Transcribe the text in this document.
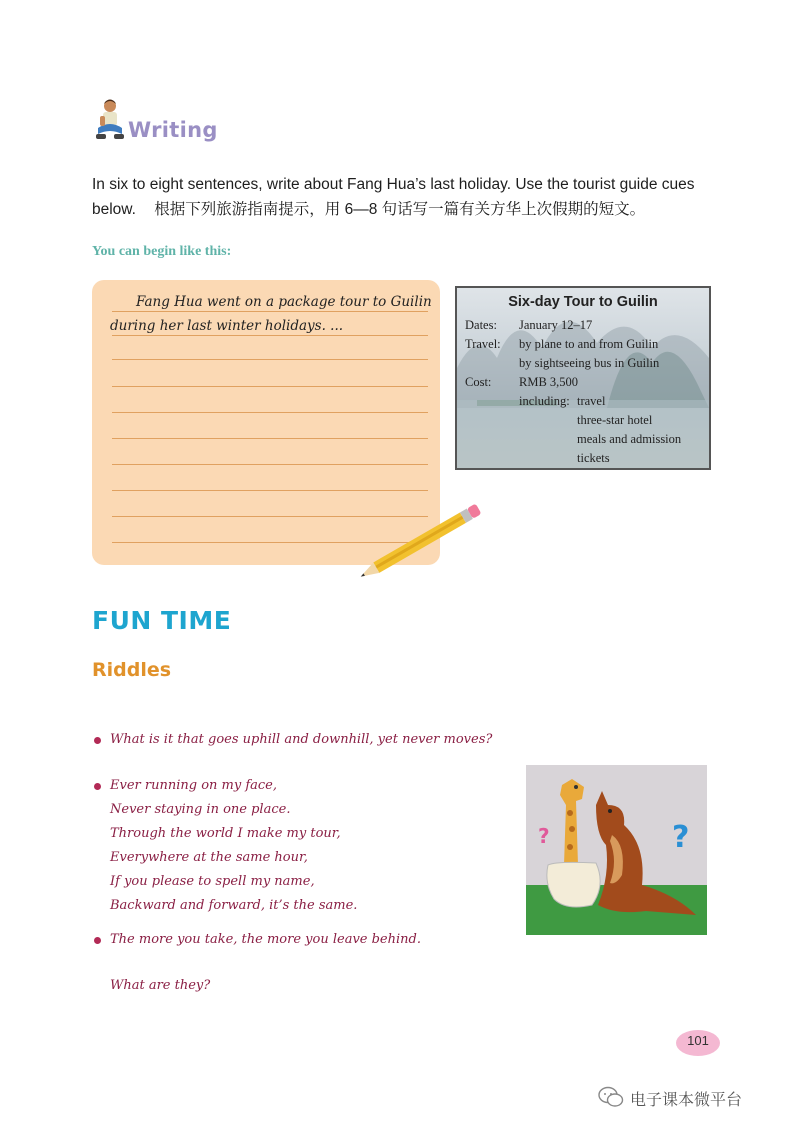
Writing
In six to eight sentences, write about Fang Hua’s last holiday. Use the tourist guide cues below. 根据下列旅游指南提示，用 6—8 句话写一篇有关方华上次假期的短文。
You can begin like this:
Fang Hua went on a package tour to Guilin
during her last winter holidays. ...
Six-day Tour to Guilin
Dates: January 12–17
Travel: by plane to and from Guilin
by sightseeing bus in Guilin
Cost: RMB 3,500
including: travel
three-star hotel
meals and admission
tickets
FUN TIME
Riddles
What is it that goes uphill and downhill, yet never moves?
Ever running on my face,
Never staying in one place.
Through the world I make my tour,
Everywhere at the same hour,
If you please to spell my name,
Backward and forward, it’s the same.
The more you take, the more you leave behind.
What are they?
?	?
101
电子课本微平台
